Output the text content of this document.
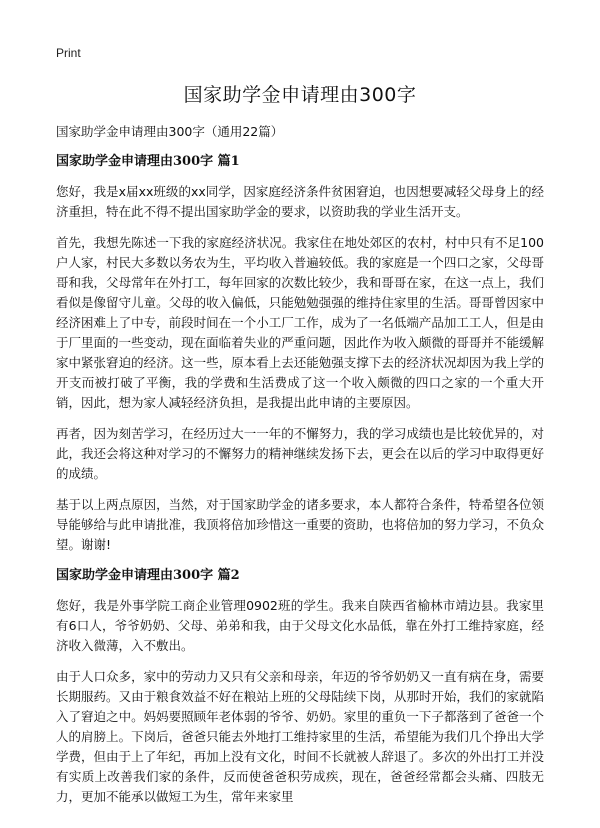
Print
国家助学金申请理由300字

国家助学金申请理由300字（通用22篇）

国家助学金申请理由300字 篇1

您好，我是x届xx班级的xx同学，因家庭经济条件贫困窘迫，也因想要减轻父母身上的经济重担，特在此不得不提出国家助学金的要求，以资助我的学业生活开支。

首先，我想先陈述一下我的家庭经济状况。我家住在地处郊区的农村，村中只有不足100户人家，村民大多数以务农为生，平均收入普遍较低。我的家庭是一个四口之家，父母哥哥和我，父母常年在外打工，每年回家的次数比较少，我和哥哥在家，在这一点上，我们看似是像留守儿童。父母的收入偏低，只能勉勉强强的维持住家里的生活。哥哥曾因家中经济困难上了中专，前段时间在一个小工厂工作，成为了一名低端产品加工工人，但是由于厂里面的一些变动，现在面临着失业的严重问题，因此作为收入颇微的哥哥并不能缓解家中紧张窘迫的经济。这一些，原本看上去还能勉强支撑下去的经济状况却因为我上学的开支而被打破了平衡，我的学费和生活费成了这一个收入颇微的四口之家的一个重大开销，因此，想为家人减轻经济负担，是我提出此申请的主要原因。

再者，因为刻苦学习，在经历过大一一年的不懈努力，我的学习成绩也是比较优异的，对此，我还会将这种对学习的不懈努力的精神继续发扬下去，更会在以后的学习中取得更好的成绩。

基于以上两点原因，当然，对于国家助学金的诸多要求，本人都符合条件，特希望各位领导能够给与此申请批准，我顶将倍加珍惜这一重要的资助，也将倍加的努力学习，不负众望。谢谢!

国家助学金申请理由300字 篇2

您好，我是外事学院工商企业管理0902班的学生。我来自陕西省榆林市靖边县。我家里有6口人，爷爷奶奶、父母、弟弟和我，由于父母文化水品低，靠在外打工维持家庭，经济收入微薄，入不敷出。

由于人口众多，家中的劳动力又只有父亲和母亲，年迈的爷爷奶奶又一直有病在身，需要长期服药。又由于粮食效益不好在粮站上班的父母陆续下岗，从那时开始，我们的家就陷入了窘迫之中。妈妈要照顾年老体弱的爷爷、奶奶。家里的重负一下子都落到了爸爸一个人的肩膀上。下岗后，爸爸只能去外地打工维持家里的生活，希望能为我们几个挣出大学学费，但由于上了年纪，再加上没有文化，时间不长就被人辞退了。多次的外出打工并没有实质上改善我们家的条件，反而使爸爸积劳成疾，现在，爸爸经常都会头痛、四肢无力，更加不能承以做短工为生，常年来家里
